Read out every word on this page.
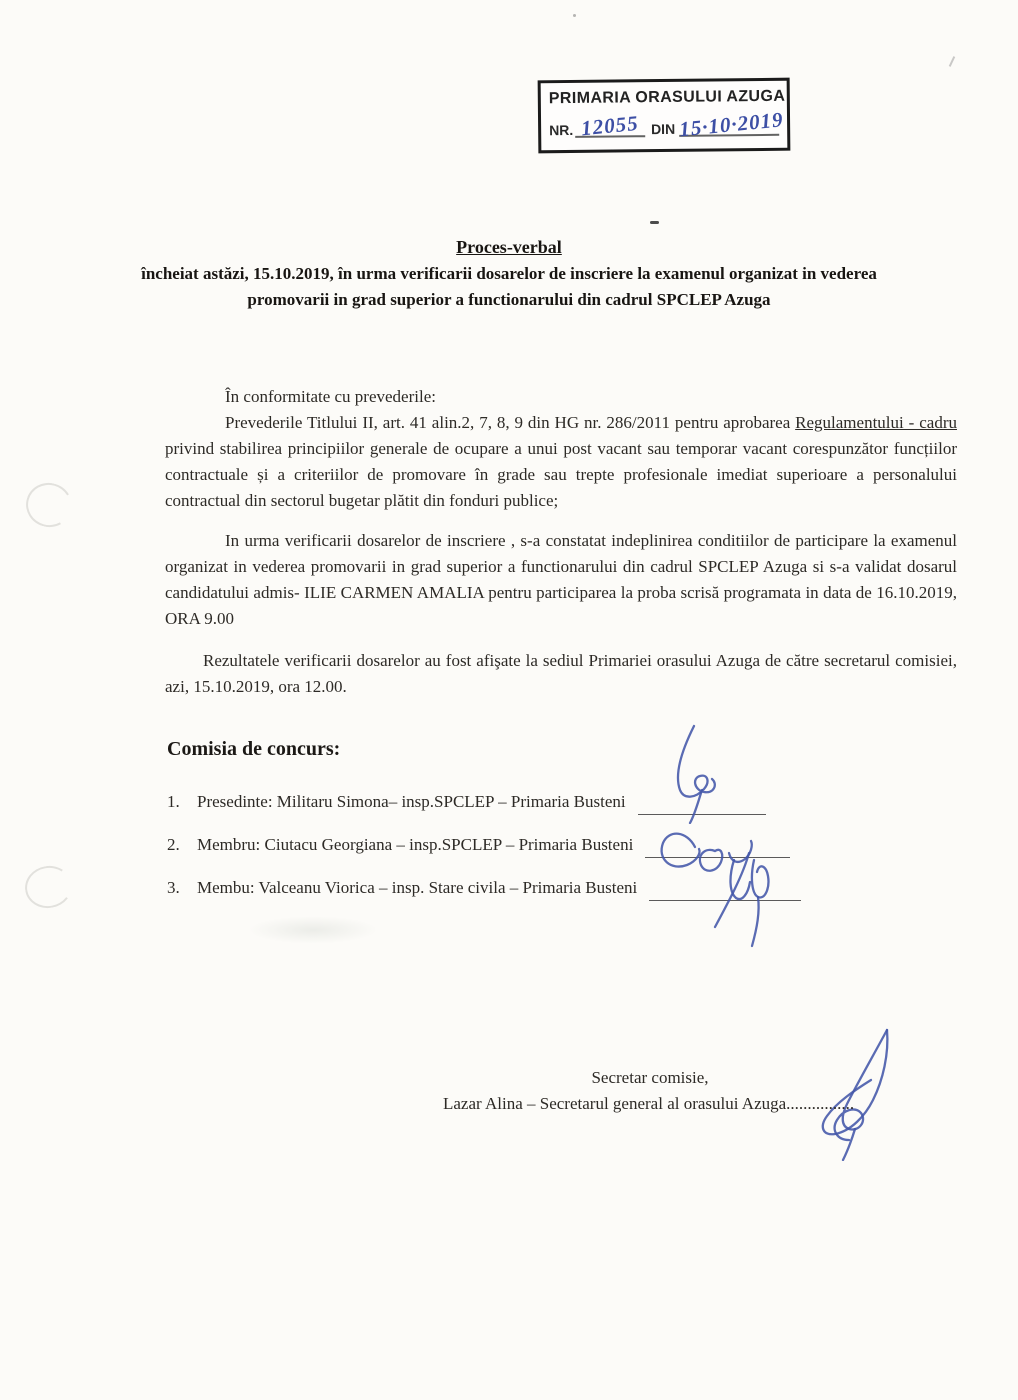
PRIMARIA ORASULUI AZUGA
NR. 12055 DIN 15·10·2019
Proces-verbal
încheiat astăzi, 15.10.2019, în urma verificarii dosarelor de inscriere la examenul organizat in vederea promovarii in grad superior a functionarului din cadrul SPCLEP Azuga

În conformitate cu prevederile:

Prevederile Titlului II, art. 41 alin.2, 7, 8, 9 din HG nr. 286/2011 pentru aprobarea Regulamentului - cadru privind stabilirea principiilor generale de ocupare a unui post vacant sau temporar vacant corespunzător funcțiilor contractuale și a criteriilor de promovare în grade sau trepte profesionale imediat superioare a personalului contractual din sectorul bugetar plătit din fonduri publice;

In urma verificarii dosarelor de inscriere , s-a constatat indeplinirea conditiilor de participare la examenul organizat in vederea promovarii in grad superior a functionarului din cadrul SPCLEP Azuga si s-a validat dosarul candidatului admis- ILIE CARMEN AMALIA pentru participarea la proba scrisă programata in data de 16.10.2019, ORA 9.00

Rezultatele verificarii dosarelor au fost afişate la sediul Primariei orasului Azuga de către secretarul comisiei, azi, 15.10.2019, ora 12.00.

Comisia de concurs:
1.	Presedinte: Militaru Simona– insp.SPCLEP – Primaria Busteni
2.	Membru: Ciutacu Georgiana – insp.SPCLEP – Primaria Busteni
3.	Membu: Valceanu Viorica – insp. Stare civila – Primaria Busteni
Secretar comisie,
Lazar Alina – Secretarul general al orasului Azuga................
